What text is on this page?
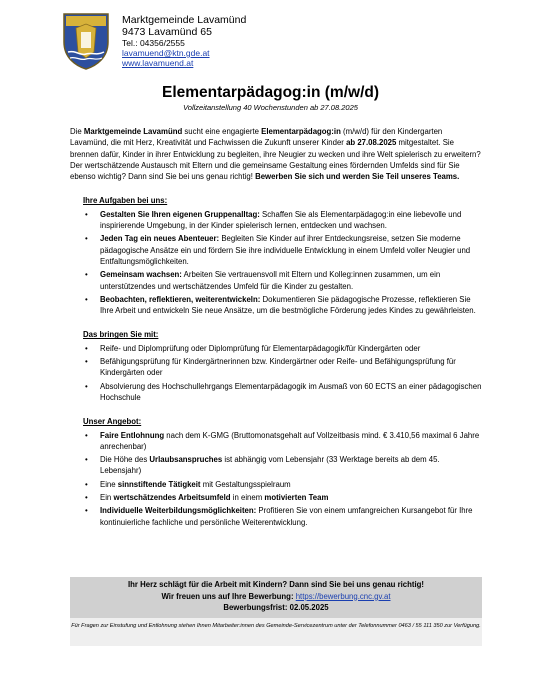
Marktgemeinde Lavamünd
9473 Lavamünd 65
Tel.: 04356/2555
lavamuend@ktn.gde.at
www.lavamuend.at
Elementarpädagog:in (m/w/d)
Vollzeitanstellung 40 Wochenstunden ab 27.08.2025

Die Marktgemeinde Lavamünd sucht eine engagierte Elementarpädagog:in (m/w/d) für den Kindergarten Lavamünd, die mit Herz, Kreativität und Fachwissen die Zukunft unserer Kinder ab 27.08.2025 mitgestaltet. Sie brennen dafür, Kinder in ihrer Entwicklung zu begleiten, ihre Neugier zu wecken und ihre Welt spielerisch zu erweitern? Der wertschätzende Austausch mit Eltern und die gemeinsame Gestaltung eines fördernden Umfelds sind für Sie ebenso wichtig? Dann sind Sie bei uns genau richtig! Bewerben Sie sich und werden Sie Teil unseres Teams.

Ihre Aufgaben bei uns:
• Gestalten Sie Ihren eigenen Gruppenalltag: Schaffen Sie als Elementarpädagog:in eine liebevolle und inspirierende Umgebung, in der Kinder spielerisch lernen, entdecken und wachsen.
• Jeden Tag ein neues Abenteuer: Begleiten Sie Kinder auf ihrer Entdeckungsreise, setzen Sie moderne pädagogische Ansätze ein und fördern Sie ihre individuelle Entwicklung in einem Umfeld voller Neugier und Entfaltungsmöglichkeiten.
• Gemeinsam wachsen: Arbeiten Sie vertrauensvoll mit Eltern und Kolleg:innen zusammen, um ein unterstützendes und wertschätzendes Umfeld für die Kinder zu gestalten.
• Beobachten, reflektieren, weiterentwickeln: Dokumentieren Sie pädagogische Prozesse, reflektieren Sie Ihre Arbeit und entwickeln Sie neue Ansätze, um die bestmögliche Förderung jedes Kindes zu gewährleisten.
Das bringen Sie mit:
• Reife- und Diplomprüfung oder Diplomprüfung für Elementarpädagogik/für Kindergärten oder
• Befähigungsprüfung für Kindergärtnerinnen bzw. Kindergärtner oder Reife- und Befähigungsprüfung für Kindergärten oder
• Absolvierung des Hochschullehrgangs Elementarpädagogik im Ausmaß von 60 ECTS an einer pädagogischen Hochschule
Unser Angebot:
• Faire Entlohnung nach dem K-GMG (Bruttomonatsgehalt auf Vollzeitbasis mind. € 3.410,56 maximal 6 Jahre anrechenbar)
• Die Höhe des Urlaubsanspruches ist abhängig vom Lebensjahr (33 Werktage bereits ab dem 45. Lebensjahr)
• Eine sinnstiftende Tätigkeit mit Gestaltungsspielraum
• Ein wertschätzendes Arbeitsumfeld in einem motivierten Team
• Individuelle Weiterbildungsmöglichkeiten: Profitieren Sie von einem umfangreichen Kursangebot für Ihre kontinuierliche fachliche und persönliche Weiterentwicklung.
Ihr Herz schlägt für die Arbeit mit Kindern? Dann sind Sie bei uns genau richtig!
Wir freuen uns auf Ihre Bewerbung: https://bewerbung.cnc.gv.at
Bewerbungsfrist: 02.05.2025
Für Fragen zur Einstufung und Entlohnung stehen Ihnen Mitarbeiter:innen des Gemeinde-Servicezentrum unter der Telefonnummer 0463 / 55 111 350 zur Verfügung.
